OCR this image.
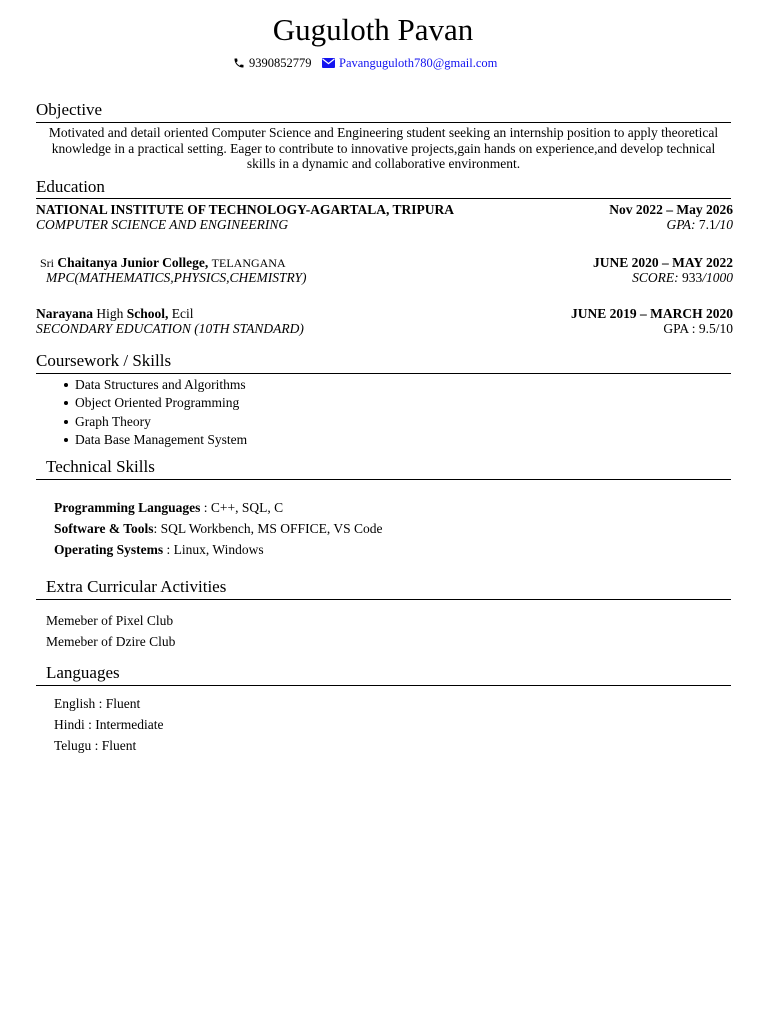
Guguloth Pavan
9390852779 Pavanguguloth780@gmail.com
Objective
Motivated and detail oriented Computer Science and Engineering student seeking an internship position to apply theoretical
knowledge in a practical setting. Eager to contribute to innovative projects,gain hands on experience,and develop technical
skills in a dynamic and collaborative environment.
Education
NATIONAL INSTITUTE OF TECHNOLOGY-AGARTALA, TRIPURA	Nov 2022 – May 2026
COMPUTER SCIENCE AND ENGINEERING	GPA: 7.1/10
Sri Chaitanya Junior College, TELANGANA	JUNE 2020 – MAY 2022
MPC(MATHEMATICS,PHYSICS,CHEMISTRY)	SCORE: 933/1000
Narayana High School, Ecil	JUNE 2019 – MARCH 2020
SECONDARY EDUCATION (10TH STANDARD)	GPA : 9.5/10
Coursework / Skills
Data Structures and Algorithms
Object Oriented Programming
Graph Theory
Data Base Management System
Technical Skills
Programming Languages : C++, SQL, C
Software & Tools: SQL Workbench, MS OFFICE, VS Code
Operating Systems : Linux, Windows
Extra Curricular Activities
Memeber of Pixel Club
Memeber of Dzire Club
Languages
English : Fluent
Hindi : Intermediate
Telugu : Fluent
